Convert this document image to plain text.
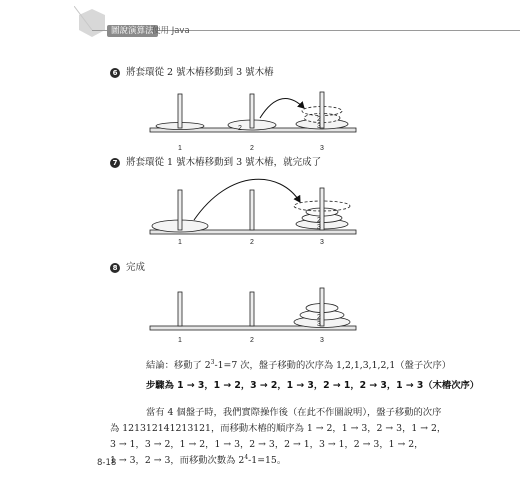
圖說演算法
使用 Java
6 將套環從 2 號木樁移動到 3 號木樁
2
2
3
1	2	3
7 將套環從 1 號木樁移動到 3 號木樁，就完成了
2
3
1	2	3
8 完成
2
3
1	2	3
結論：移動了 $2^3-1=7$ 次，盤子移動的次序為 1,2,1,3,1,2,1（盤子次序）
步驟為 1 → 3，1 → 2，3 → 2，1 → 3，2 → 1，2 → 3，1 → 3（木樁次序）
當有 4 個盤子時，我們實際操作後（在此不作圖說明），盤子移動的次序
為 121312141213121，而移動木樁的順序為 1 → 2，1 → 3，2 → 3，1 → 2，
3 → 1，3 → 2，1 → 2，1 → 3，2 → 3，2 → 1，3 → 1，2 → 3，1 → 2，
1 → 3，2 → 3，而移動次數為 $2^4-1=15$。
8-18
